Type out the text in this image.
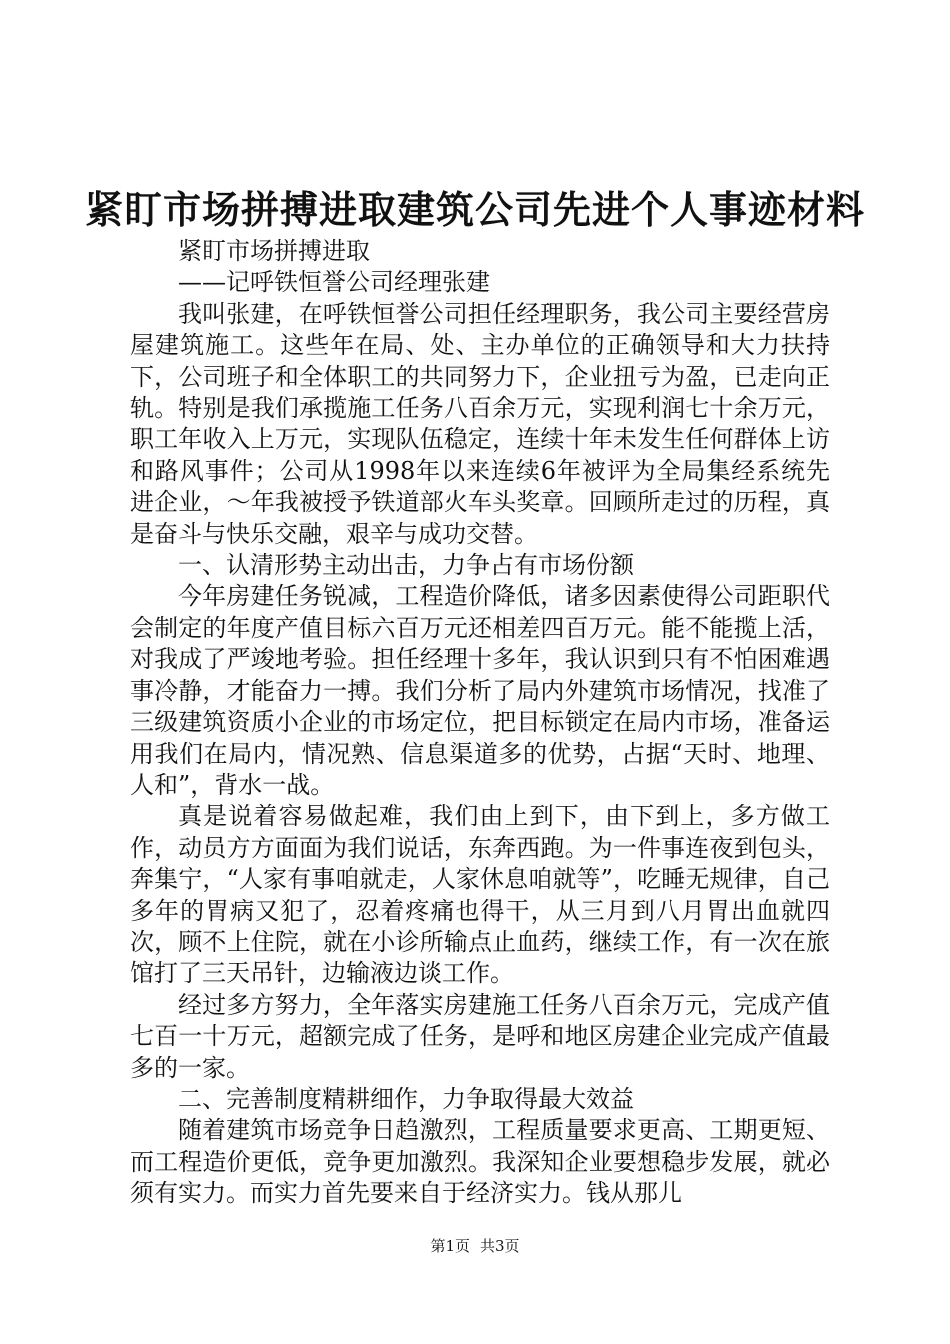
紧盯市场拼搏进取建筑公司先进个人事迹材料

紧盯市场拼搏进取

——记呼铁恒誉公司经理张建

我叫张建，在呼铁恒誉公司担任经理职务，我公司主要经营房屋建筑施工。这些年在局、处、主办单位的正确领导和大力扶持下，公司班子和全体职工的共同努力下，企业扭亏为盈，已走向正轨。特别是我们承揽施工任务八百余万元，实现利润七十余万元，职工年收入上万元，实现队伍稳定，连续十年未发生任何群体上访和路风事件；公司从1998年以来连续6年被评为全局集经系统先进企业，～年我被授予铁道部火车头奖章。回顾所走过的历程，真是奋斗与快乐交融，艰辛与成功交替。

一、认清形势主动出击，力争占有市场份额

今年房建任务锐减，工程造价降低，诸多因素使得公司距职代会制定的年度产值目标六百万元还相差四百万元。能不能揽上活，对我成了严竣地考验。担任经理十多年，我认识到只有不怕困难遇事冷静，才能奋力一搏。我们分析了局内外建筑市场情况，找准了三级建筑资质小企业的市场定位，把目标锁定在局内市场，准备运用我们在局内，情况熟、信息渠道多的优势，占据“天时、地理、人和”，背水一战。

真是说着容易做起难，我们由上到下，由下到上，多方做工作，动员方方面面为我们说话，东奔西跑。为一件事连夜到包头，奔集宁，“人家有事咱就走，人家休息咱就等”，吃睡无规律，自己多年的胃病又犯了，忍着疼痛也得干，从三月到八月胃出血就四次，顾不上住院，就在小诊所输点止血药，继续工作，有一次在旅馆打了三天吊针，边输液边谈工作。

经过多方努力，全年落实房建施工任务八百余万元，完成产值七百一十万元，超额完成了任务，是呼和地区房建企业完成产值最多的一家。

二、完善制度精耕细作，力争取得最大效益

随着建筑市场竞争日趋激烈，工程质量要求更高、工期更短、而工程造价更低，竞争更加激烈。我深知企业要想稳步发展，就必须有实力。而实力首先要来自于经济实力。钱从那儿

第1页 共3页
